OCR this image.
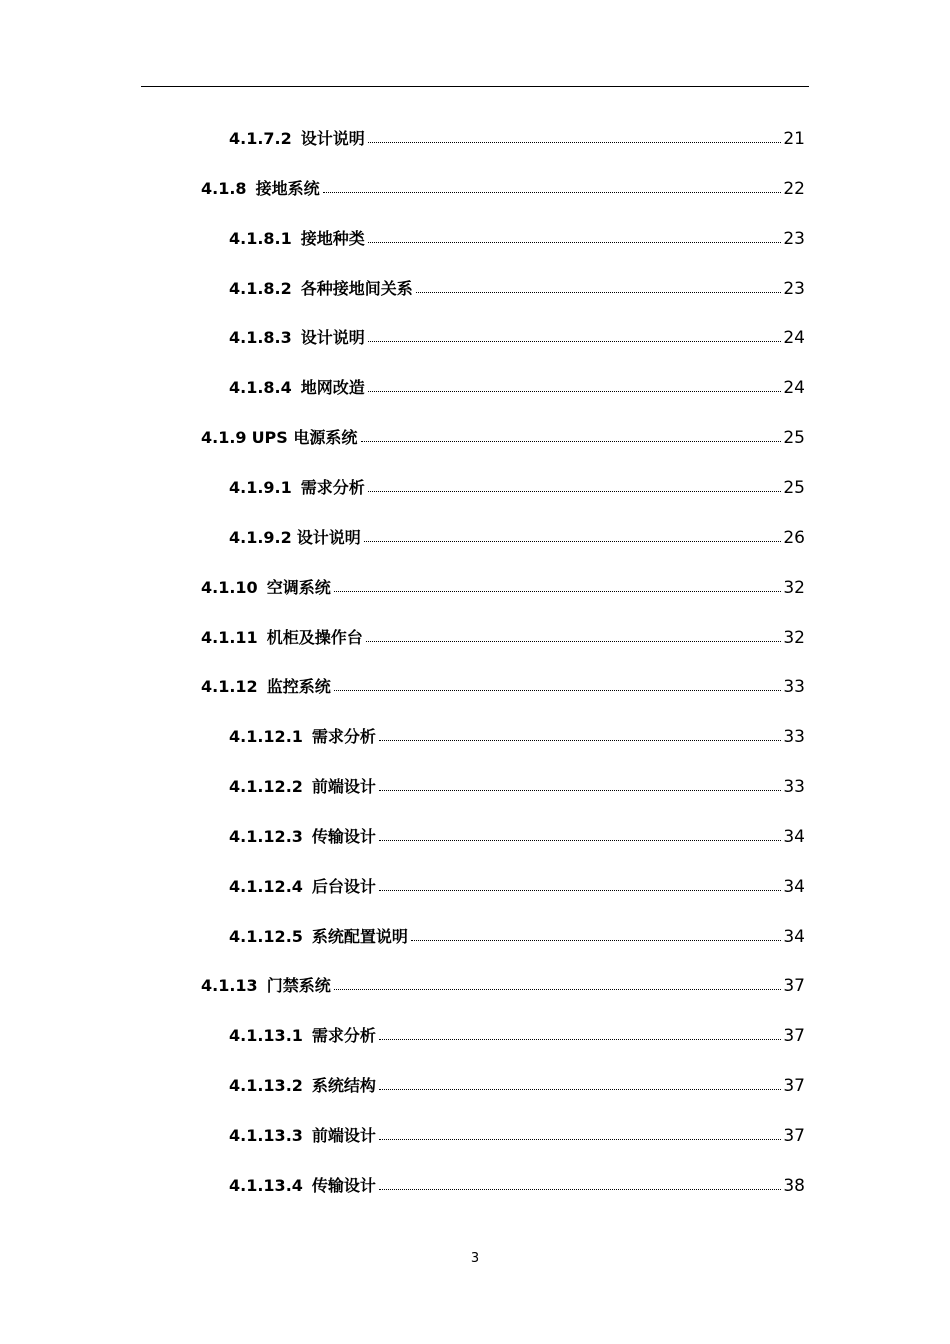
4.1.7.2 设计说明	21
4.1.8 接地系统	22
4.1.8.1 接地种类	23
4.1.8.2 各种接地间关系	23
4.1.8.3 设计说明	24
4.1.8.4 地网改造	24
4.1.9 UPS 电源系统	25
4.1.9.1 需求分析	25
4.1.9.2 设计说明	26
4.1.10 空调系统	32
4.1.11 机柜及操作台	32
4.1.12 监控系统	33
4.1.12.1 需求分析	33
4.1.12.2 前端设计	33
4.1.12.3 传输设计	34
4.1.12.4 后台设计	34
4.1.12.5 系统配置说明	34
4.1.13 门禁系统	37
4.1.13.1 需求分析	37
4.1.13.2 系统结构	37
4.1.13.3 前端设计	37
4.1.13.4 传输设计	38
3
